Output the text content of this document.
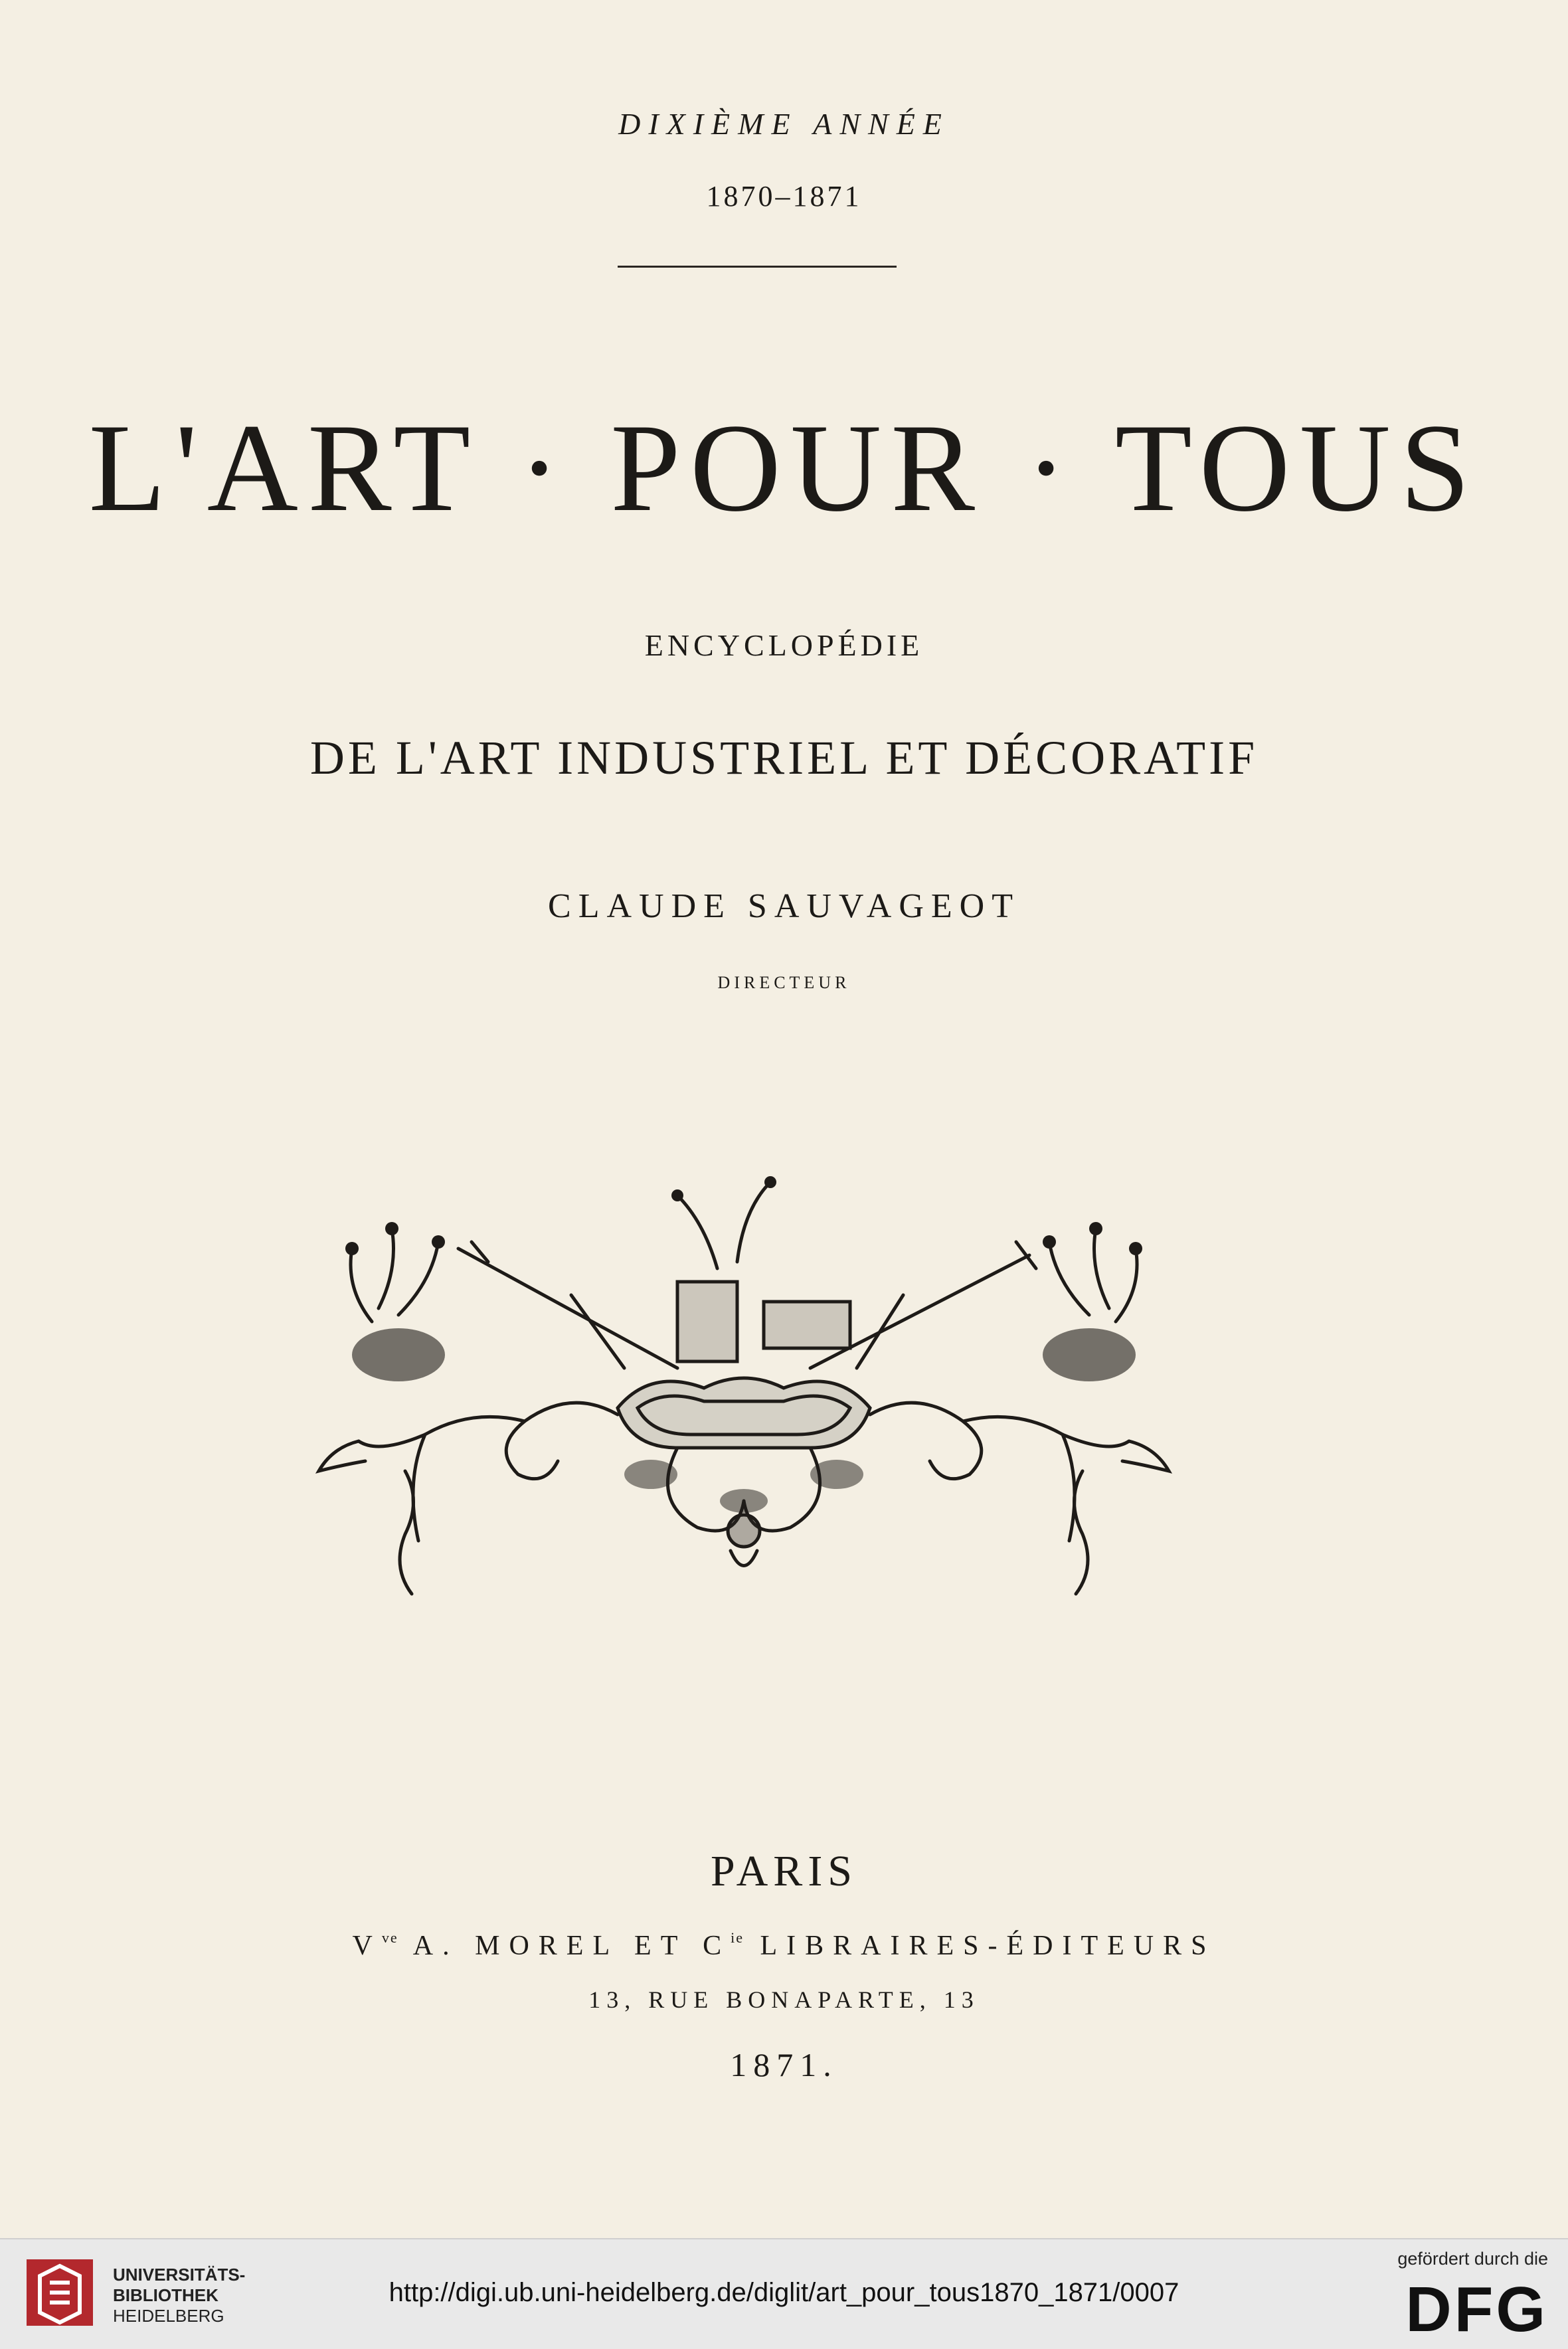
DIXIÈME ANNÉE
1870–1871
L'ART · POUR · TOUS
ENCYCLOPÉDIE
DE L'ART INDUSTRIEL ET DÉCORATIF
CLAUDE SAUVAGEOT
DIRECTEUR
PARIS
$V^{ve}$ A. MOREL ET $C^{ie}$ LIBRAIRES-ÉDITEURS
13, RUE BONAPARTE, 13
1871.
UNIVERSITÄTS-
BIBLIOTHEK
HEIDELBERG
http://digi.ub.uni-heidelberg.de/diglit/art_pour_tous1870_1871/0007
gefördert durch die
DFG
